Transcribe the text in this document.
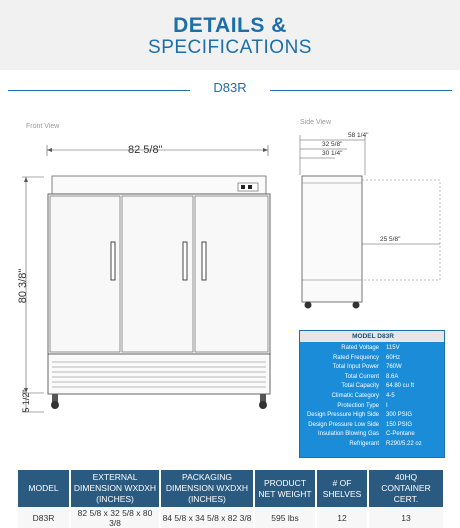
DETAILS &
SPECIFICATIONS
D83R
Front View
82 5/8"
80 3/8"
5 1/2"
Side View
58 1/4"
32 5/8"
30 1/4"
25 5/8"
MODEL D83R
Rated Voltage	115V
Rated Frequency	60Hz
Total Input Power	760W
Total Current	8.6A
Total Capacity	64.80 cu ft
Climatic Category	4-5
Protection Type	I
Design Pressure High Side	300 PSIG
Design Pressure Low Side	150 PSIG
Insulation Blowing Gas	C-Pentane
Refrigerant	R290/5.22 oz
MODEL	EXTERNAL DIMENSION WXDXH (INCHES)	PACKAGING DIMENSION WXDXH (INCHES)	PRODUCT NET WEIGHT	# OF SHELVES	40HQ CONTAINER CERT.
D83R	82 5/8 x 32 5/8 x 80 3/8	84 5/8 x 34 5/8 x 82 3/8	595 lbs	12	13
